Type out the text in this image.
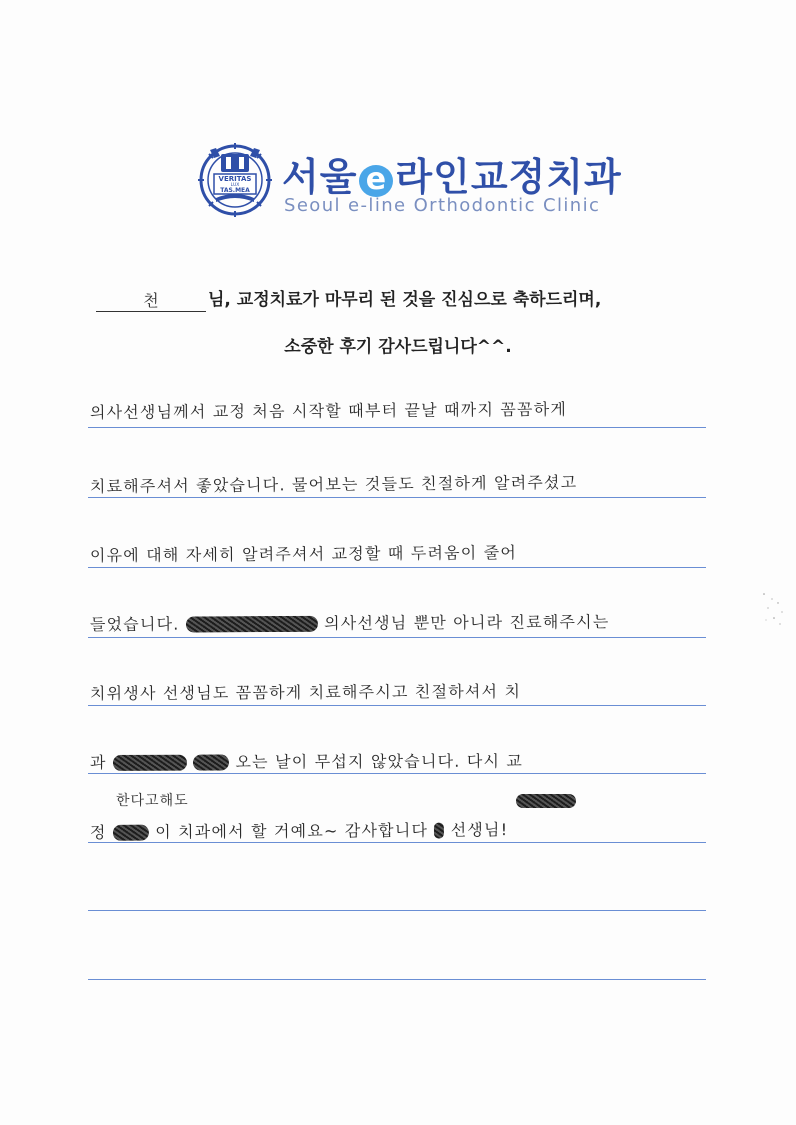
VERITAS
LUX
TAS.MEA 서울 e 라인교정치과
Seoul e-line Orthodontic Clinic
천	님, 교정치료가 마무리 된 것을 진심으로 축하드리며,
소중한 후기 감사드립니다^^.
의사선생님께서 교정 처음 시작할 때부터 끝날 때까지 꼼꼼하게
치료해주셔서 좋았습니다. 물어보는 것들도 친절하게 알려주셨고
이유에 대해 자세히 알려주셔서 교정할 때 두려움이 줄어
들었습니다.	의사선생님 뿐만 아니라 진료해주시는
치위생사 선생님도 꼼꼼하게 치료해주시고 친절하셔서 치
과	오는 날이 무섭지 않았습니다. 다시 교
한다고해도
정	이 치과에서 할 거예요~ 감사합니다 선생님!
